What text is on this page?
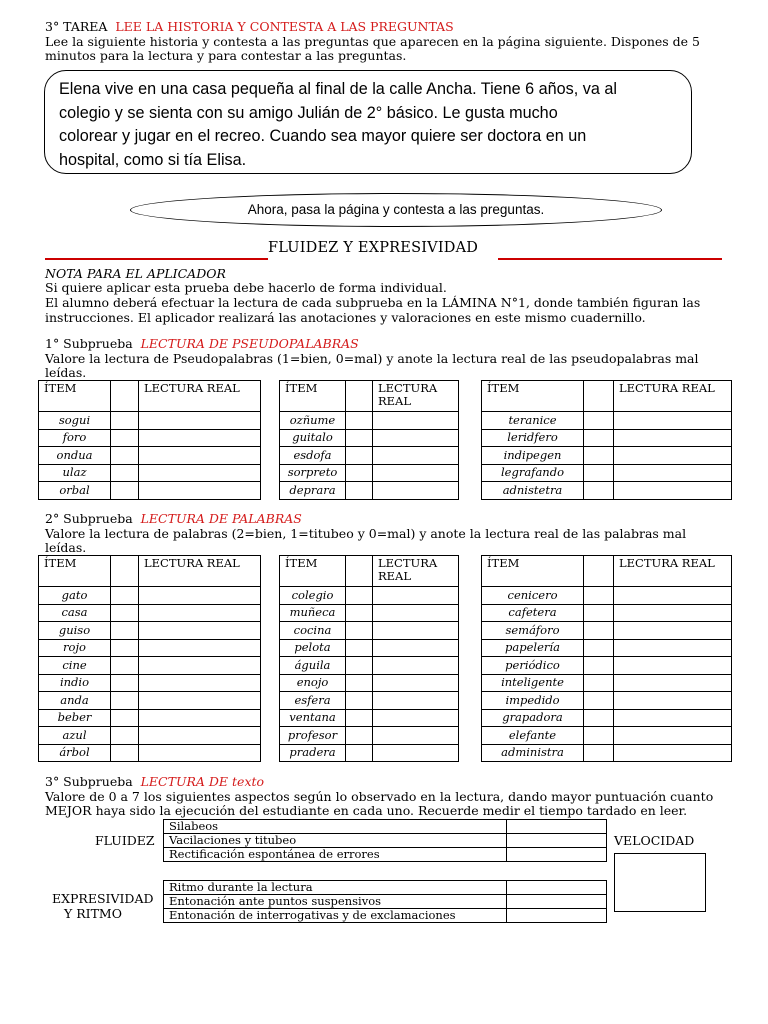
3° TAREA LEE LA HISTORIA Y CONTESTA A LAS PREGUNTAS
Lee la siguiente historia y contesta a las preguntas que aparecen en la página siguiente. Dispones de 5
minutos para la lectura y para contestar a las preguntas.
Elena vive en una casa pequeña al final de la calle Ancha. Tiene 6 años, va al
colegio y se sienta con su amigo Julián de 2° básico. Le gusta mucho
colorear y jugar en el recreo. Cuando sea mayor quiere ser doctora en un
hospital, como si tía Elisa.
Ahora, pasa la página y contesta a las preguntas.
FLUIDEZ Y EXPRESIVIDAD
NOTA PARA EL APLICADOR
Si quiere aplicar esta prueba debe hacerlo de forma individual.
El alumno deberá efectuar la lectura de cada subprueba en la LÁMINA N°1, donde también figuran las
instrucciones. El aplicador realizará las anotaciones y valoraciones en este mismo cuadernillo.
1° Subprueba LECTURA DE PSEUDOPALABRAS
Valore la lectura de Pseudopalabras (1=bien, 0=mal) y anote la lectura real de las pseudopalabras mal
leídas.
ÍTEM		LECTURA REAL
sogui		
foro		
ondua		
ulaz		
orbal		
ÍTEM		LECTURA
REAL
ozñume		
guitalo		
esdofa		
sorpreto		
deprara		
ÍTEM		LECTURA REAL
teranice		
leridfero		
indipegen		
legrafando		
adnistetra		
2° Subprueba LECTURA DE PALABRAS
Valore la lectura de palabras (2=bien, 1=titubeo y 0=mal) y anote la lectura real de las palabras mal
leídas.
ÍTEM		LECTURA REAL
gato		
casa		
guiso		
rojo		
cine		
indio		
anda		
beber		
azul		
árbol		
ÍTEM		LECTURA
REAL
colegio		
muñeca		
cocina		
pelota		
águila		
enojo		
esfera		
ventana		
profesor		
pradera		
ÍTEM		LECTURA REAL
cenicero		
cafetera		
semáforo		
papelería		
periódico		
inteligente		
impedido		
grapadora		
elefante		
administra		
3° Subprueba LECTURA DE texto
Valore de 0 a 7 los siguientes aspectos según lo observado en la lectura, dando mayor puntuación cuanto
MEJOR haya sido la ejecución del estudiante en cada uno. Recuerde medir el tiempo tardado en leer.
FLUIDEZ
Silabeos	
Vacilaciones y titubeo	
Rectificación espontánea de errores	
VELOCIDAD
EXPRESIVIDAD
Y RITMO
Ritmo durante la lectura	
Entonación ante puntos suspensivos	
Entonación de interrogativas y de exclamaciones	
